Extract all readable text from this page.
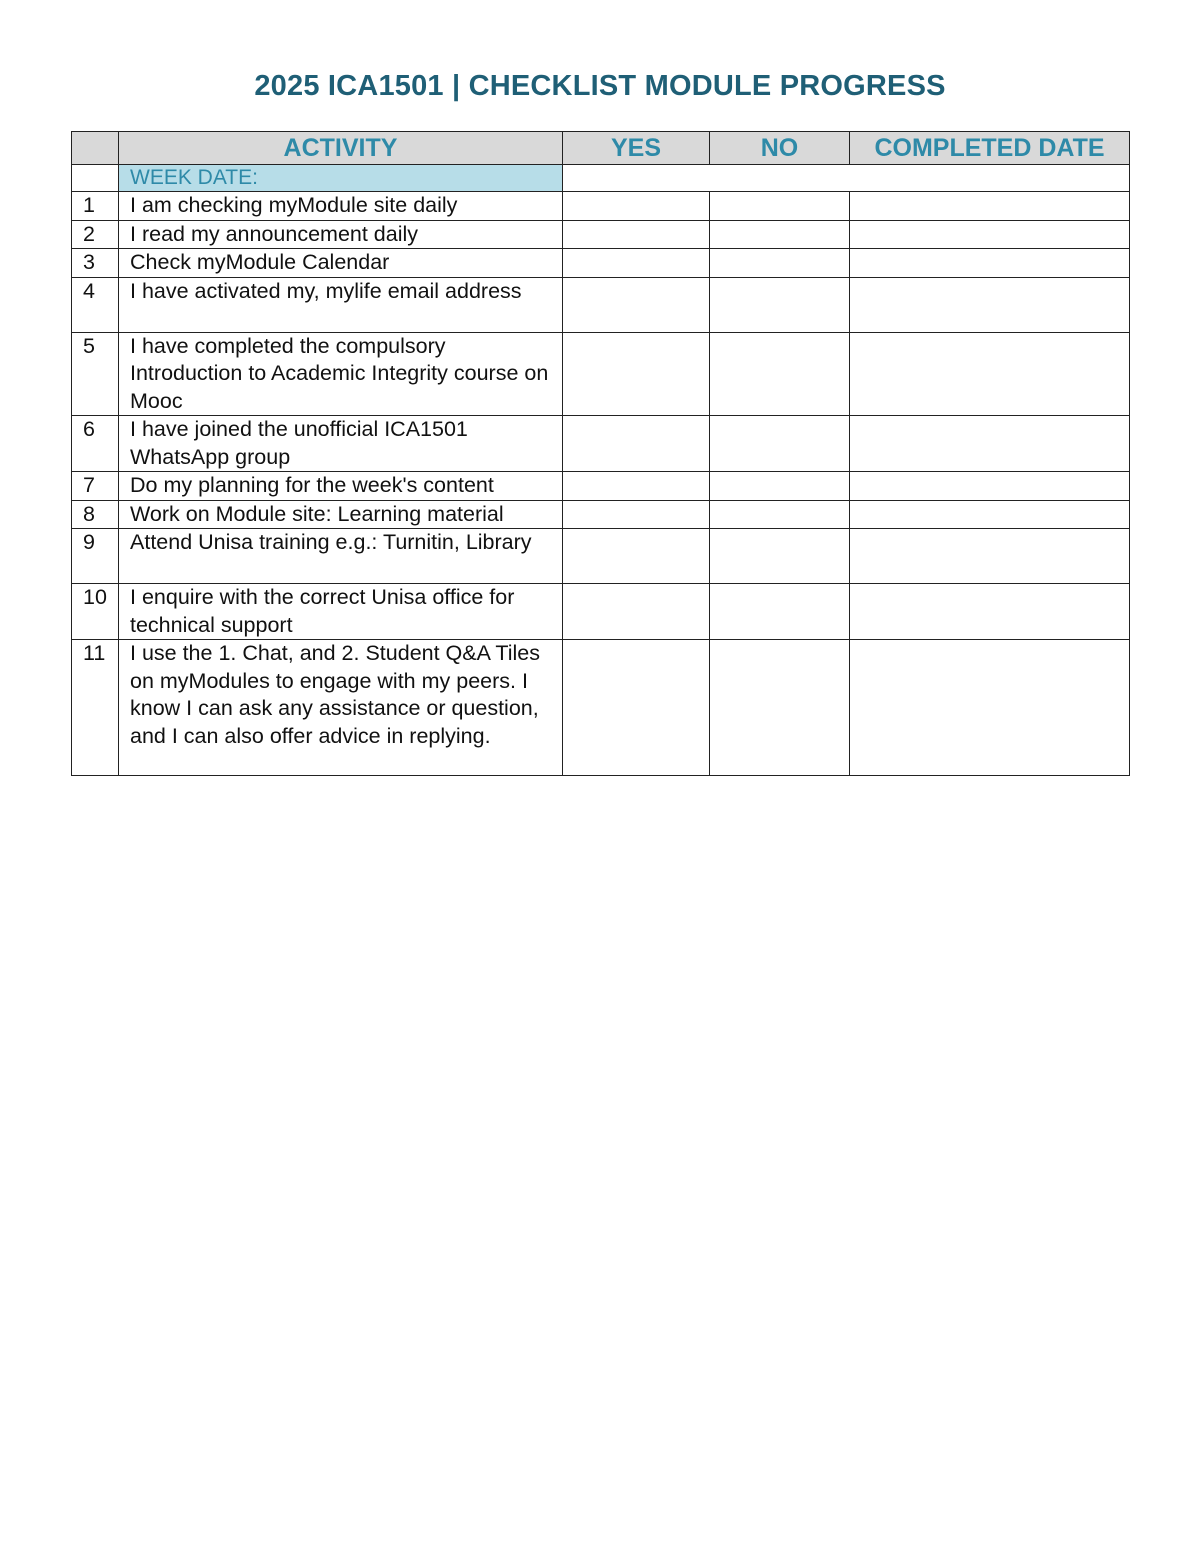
2025 ICA1501 | CHECKLIST MODULE PROGRESS
	ACTIVITY	YES	NO	COMPLETED DATE
	WEEK DATE:			
1	I am checking myModule site daily			
2	I read my announcement daily			
3	Check myModule Calendar			
4	I have activated my, mylife email address			
5	I have completed the compulsory Introduction to Academic Integrity course on Mooc			
6	I have joined the unofficial ICA1501 WhatsApp group			
7	Do my planning for the week's content			
8	Work on Module site: Learning material			
9	Attend Unisa training e.g.: Turnitin, Library			
10	I enquire with the correct Unisa office for technical support			
11	I use the 1. Chat, and 2. Student Q&A Tiles on myModules to engage with my peers. I know I can ask any assistance or question, and I can also offer advice in replying.			
